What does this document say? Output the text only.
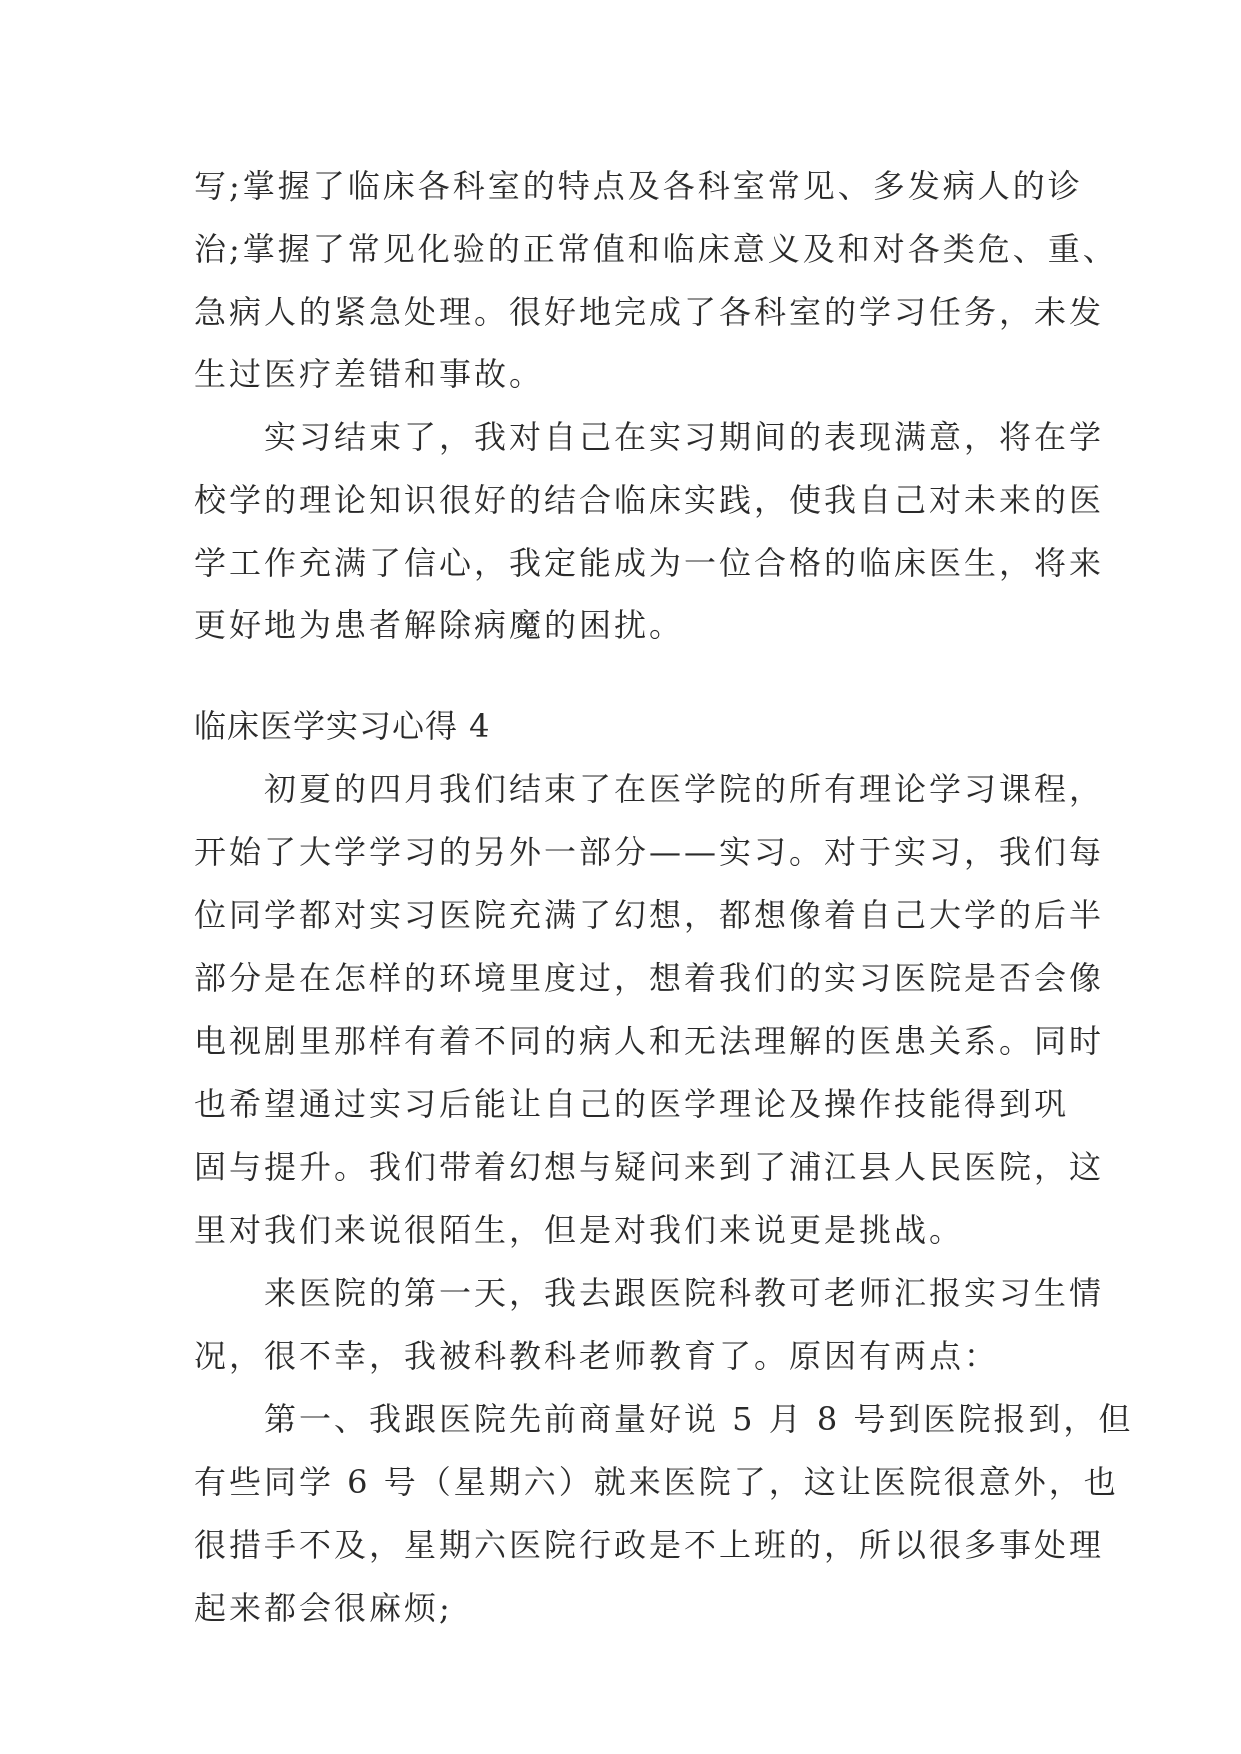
写;掌握了临床各科室的特点及各科室常见、多发病人的诊
治;掌握了常见化验的正常值和临床意义及和对各类危、重、
急病人的紧急处理。很好地完成了各科室的学习任务，未发
生过医疗差错和事故。
　　实习结束了，我对自己在实习期间的表现满意，将在学
校学的理论知识很好的结合临床实践，使我自己对未来的医
学工作充满了信心，我定能成为一位合格的临床医生，将来
更好地为患者解除病魔的困扰。
临床医学实习心得 4
　　初夏的四月我们结束了在医学院的所有理论学习课程，
开始了大学学习的另外一部分——实习。对于实习，我们每
位同学都对实习医院充满了幻想，都想像着自己大学的后半
部分是在怎样的环境里度过，想着我们的实习医院是否会像
电视剧里那样有着不同的病人和无法理解的医患关系。同时
也希望通过实习后能让自己的医学理论及操作技能得到巩
固与提升。我们带着幻想与疑问来到了浦江县人民医院，这
里对我们来说很陌生，但是对我们来说更是挑战。
　　来医院的第一天，我去跟医院科教可老师汇报实习生情
况，很不幸，我被科教科老师教育了。原因有两点：
　　第一、我跟医院先前商量好说 5 月 8 号到医院报到，但
有些同学 6 号（星期六）就来医院了，这让医院很意外，也
很措手不及，星期六医院行政是不上班的，所以很多事处理
起来都会很麻烦;
